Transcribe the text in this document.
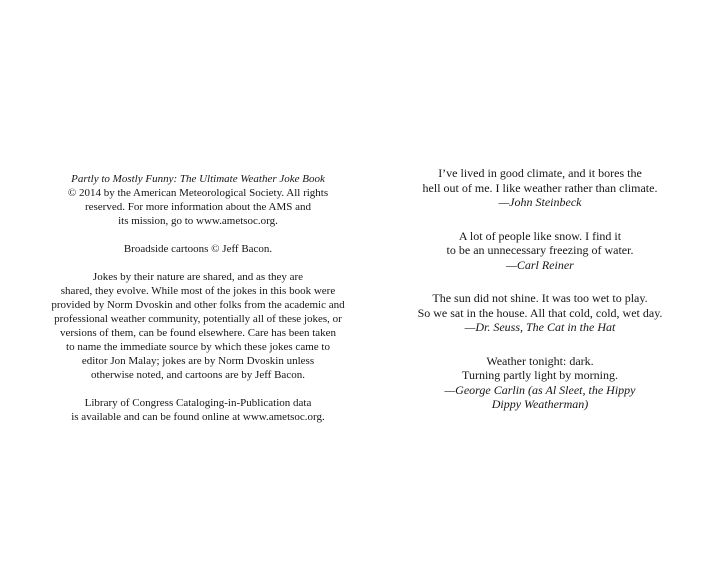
Partly to Mostly Funny: The Ultimate Weather Joke Book
© 2014 by the American Meteorological Society. All rights
reserved. For more information about the AMS and
its mission, go to www.ametsoc.org.
Broadside cartoons © Jeff Bacon.
Jokes by their nature are shared, and as they are
shared, they evolve. While most of the jokes in this book were
provided by Norm Dvoskin and other folks from the academic and
professional weather community, potentially all of these jokes, or
versions of them, can be found elsewhere. Care has been taken
to name the immediate source by which these jokes came to
editor Jon Malay; jokes are by Norm Dvoskin unless
otherwise noted, and cartoons are by Jeff Bacon.
Library of Congress Cataloging-in-Publication data
is available and can be found online at www.ametsoc.org.
I’ve lived in good climate, and it bores the
hell out of me. I like weather rather than climate.
—John Steinbeck
A lot of people like snow. I find it
to be an unnecessary freezing of water.
—Carl Reiner
The sun did not shine. It was too wet to play.
So we sat in the house. All that cold, cold, wet day.
—Dr. Seuss, The Cat in the Hat
Weather tonight: dark.
Turning partly light by morning.
—George Carlin (as Al Sleet, the Hippy
Dippy Weatherman)
